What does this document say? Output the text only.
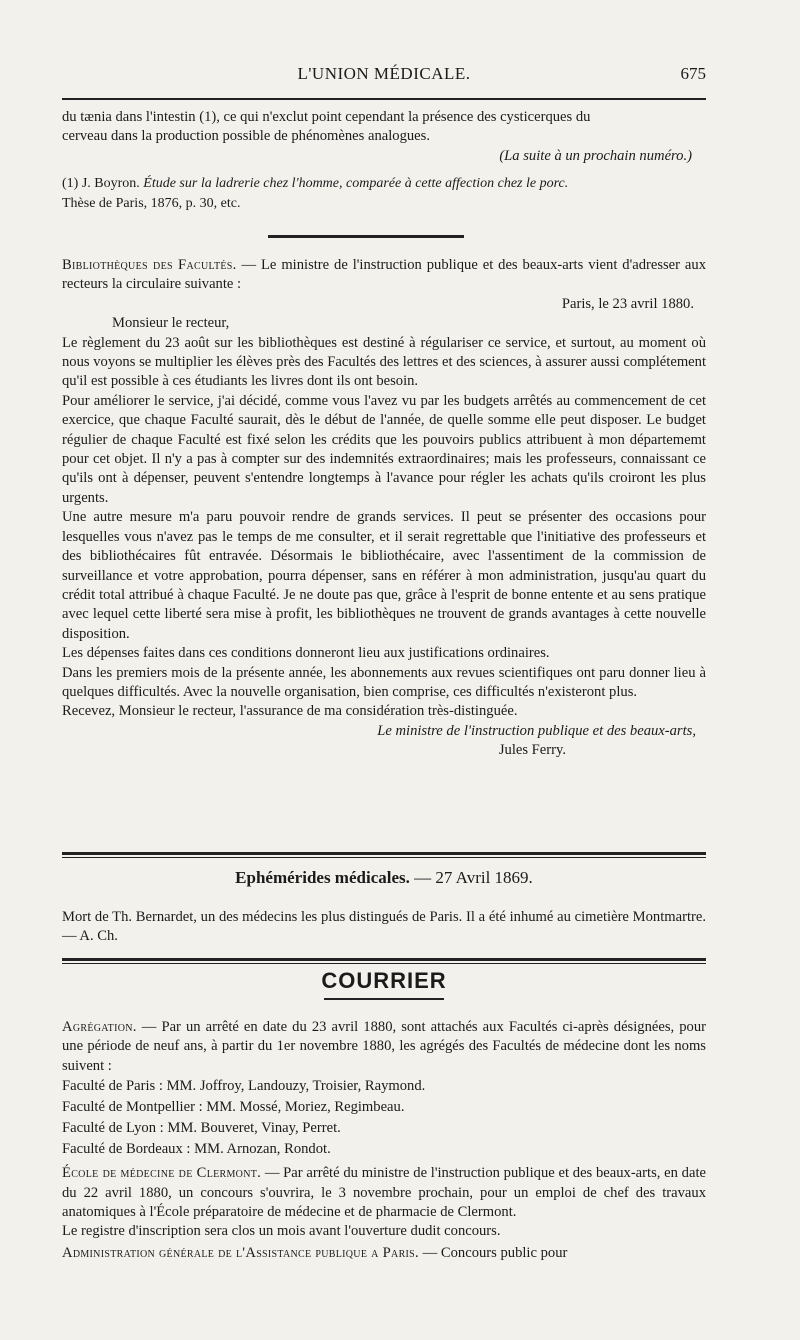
L'UNION MÉDICALE.	675
du tænia dans l'intestin (1), ce qui n'exclut point cependant la présence des cysticerques du
cerveau dans la production possible de phénomènes analogues.
(La suite à un prochain numéro.)
(1) J. Boyron. Étude sur la ladrerie chez l'homme, comparée à cette affection chez le porc.
Thèse de Paris, 1876, p. 30, etc.

Bibliothèques des Facultés. — Le ministre de l'instruction publique et des beaux-arts vient d'adresser aux recteurs la circulaire suivante :

Paris, le 23 avril 1880.
Monsieur le recteur,

Le règlement du 23 août sur les bibliothèques est destiné à régulariser ce service, et surtout, au moment où nous voyons se multiplier les élèves près des Facultés des lettres et des sciences, à assurer aussi complétement qu'il est possible à ces étudiants les livres dont ils ont besoin.

Pour améliorer le service, j'ai décidé, comme vous l'avez vu par les budgets arrêtés au commencement de cet exercice, que chaque Faculté saurait, dès le début de l'année, de quelle somme elle peut disposer. Le budget régulier de chaque Faculté est fixé selon les crédits que les pouvoirs publics attribuent à mon départememt pour cet objet. Il n'y a pas à compter sur des indemnités extraordinaires; mais les professeurs, connaissant ce qu'ils ont à dépenser, peuvent s'entendre longtemps à l'avance pour régler les achats qu'ils croiront les plus urgents.

Une autre mesure m'a paru pouvoir rendre de grands services. Il peut se présenter des occasions pour lesquelles vous n'avez pas le temps de me consulter, et il serait regrettable que l'initiative des professeurs et des bibliothécaires fût entravée. Désormais le bibliothécaire, avec l'assentiment de la commission de surveillance et votre approbation, pourra dépenser, sans en référer à mon administration, jusqu'au quart du crédit total attribué à chaque Faculté. Je ne doute pas que, grâce à l'esprit de bonne entente et au sens pratique avec lequel cette liberté sera mise à profit, les bibliothèques ne trouvent de grands avantages à cette nouvelle disposition.

Les dépenses faites dans ces conditions donneront lieu aux justifications ordinaires.

Dans les premiers mois de la présente année, les abonnements aux revues scientifiques ont paru donner lieu à quelques difficultés. Avec la nouvelle organisation, bien comprise, ces difficultés n'existeront plus.

Recevez, Monsieur le recteur, l'assurance de ma considération très-distinguée.

Le ministre de l'instruction publique et des beaux-arts,
Jules Ferry.
Ephémérides médicales. — 27 Avril 1869.
Mort de Th. Bernardet, un des médecins les plus distingués de Paris. Il a été inhumé au cimetière Montmartre. — A. Ch.
COURRIER

Agrégation. — Par un arrêté en date du 23 avril 1880, sont attachés aux Facultés ci-après désignées, pour une période de neuf ans, à partir du 1er novembre 1880, les agrégés des Facultés de médecine dont les noms suivent :

Faculté de Paris : MM. Joffroy, Landouzy, Troisier, Raymond.
Faculté de Montpellier : MM. Mossé, Moriez, Regimbeau.
Faculté de Lyon : MM. Bouveret, Vinay, Perret.
Faculté de Bordeaux : MM. Arnozan, Rondot.

École de médecine de Clermont. — Par arrêté du ministre de l'instruction publique et des beaux-arts, en date du 22 avril 1880, un concours s'ouvrira, le 3 novembre prochain, pour un emploi de chef des travaux anatomiques à l'École préparatoire de médecine et de pharmacie de Clermont.

Le registre d'inscription sera clos un mois avant l'ouverture dudit concours.

Administration générale de l'Assistance publique a Paris. — Concours public pour
